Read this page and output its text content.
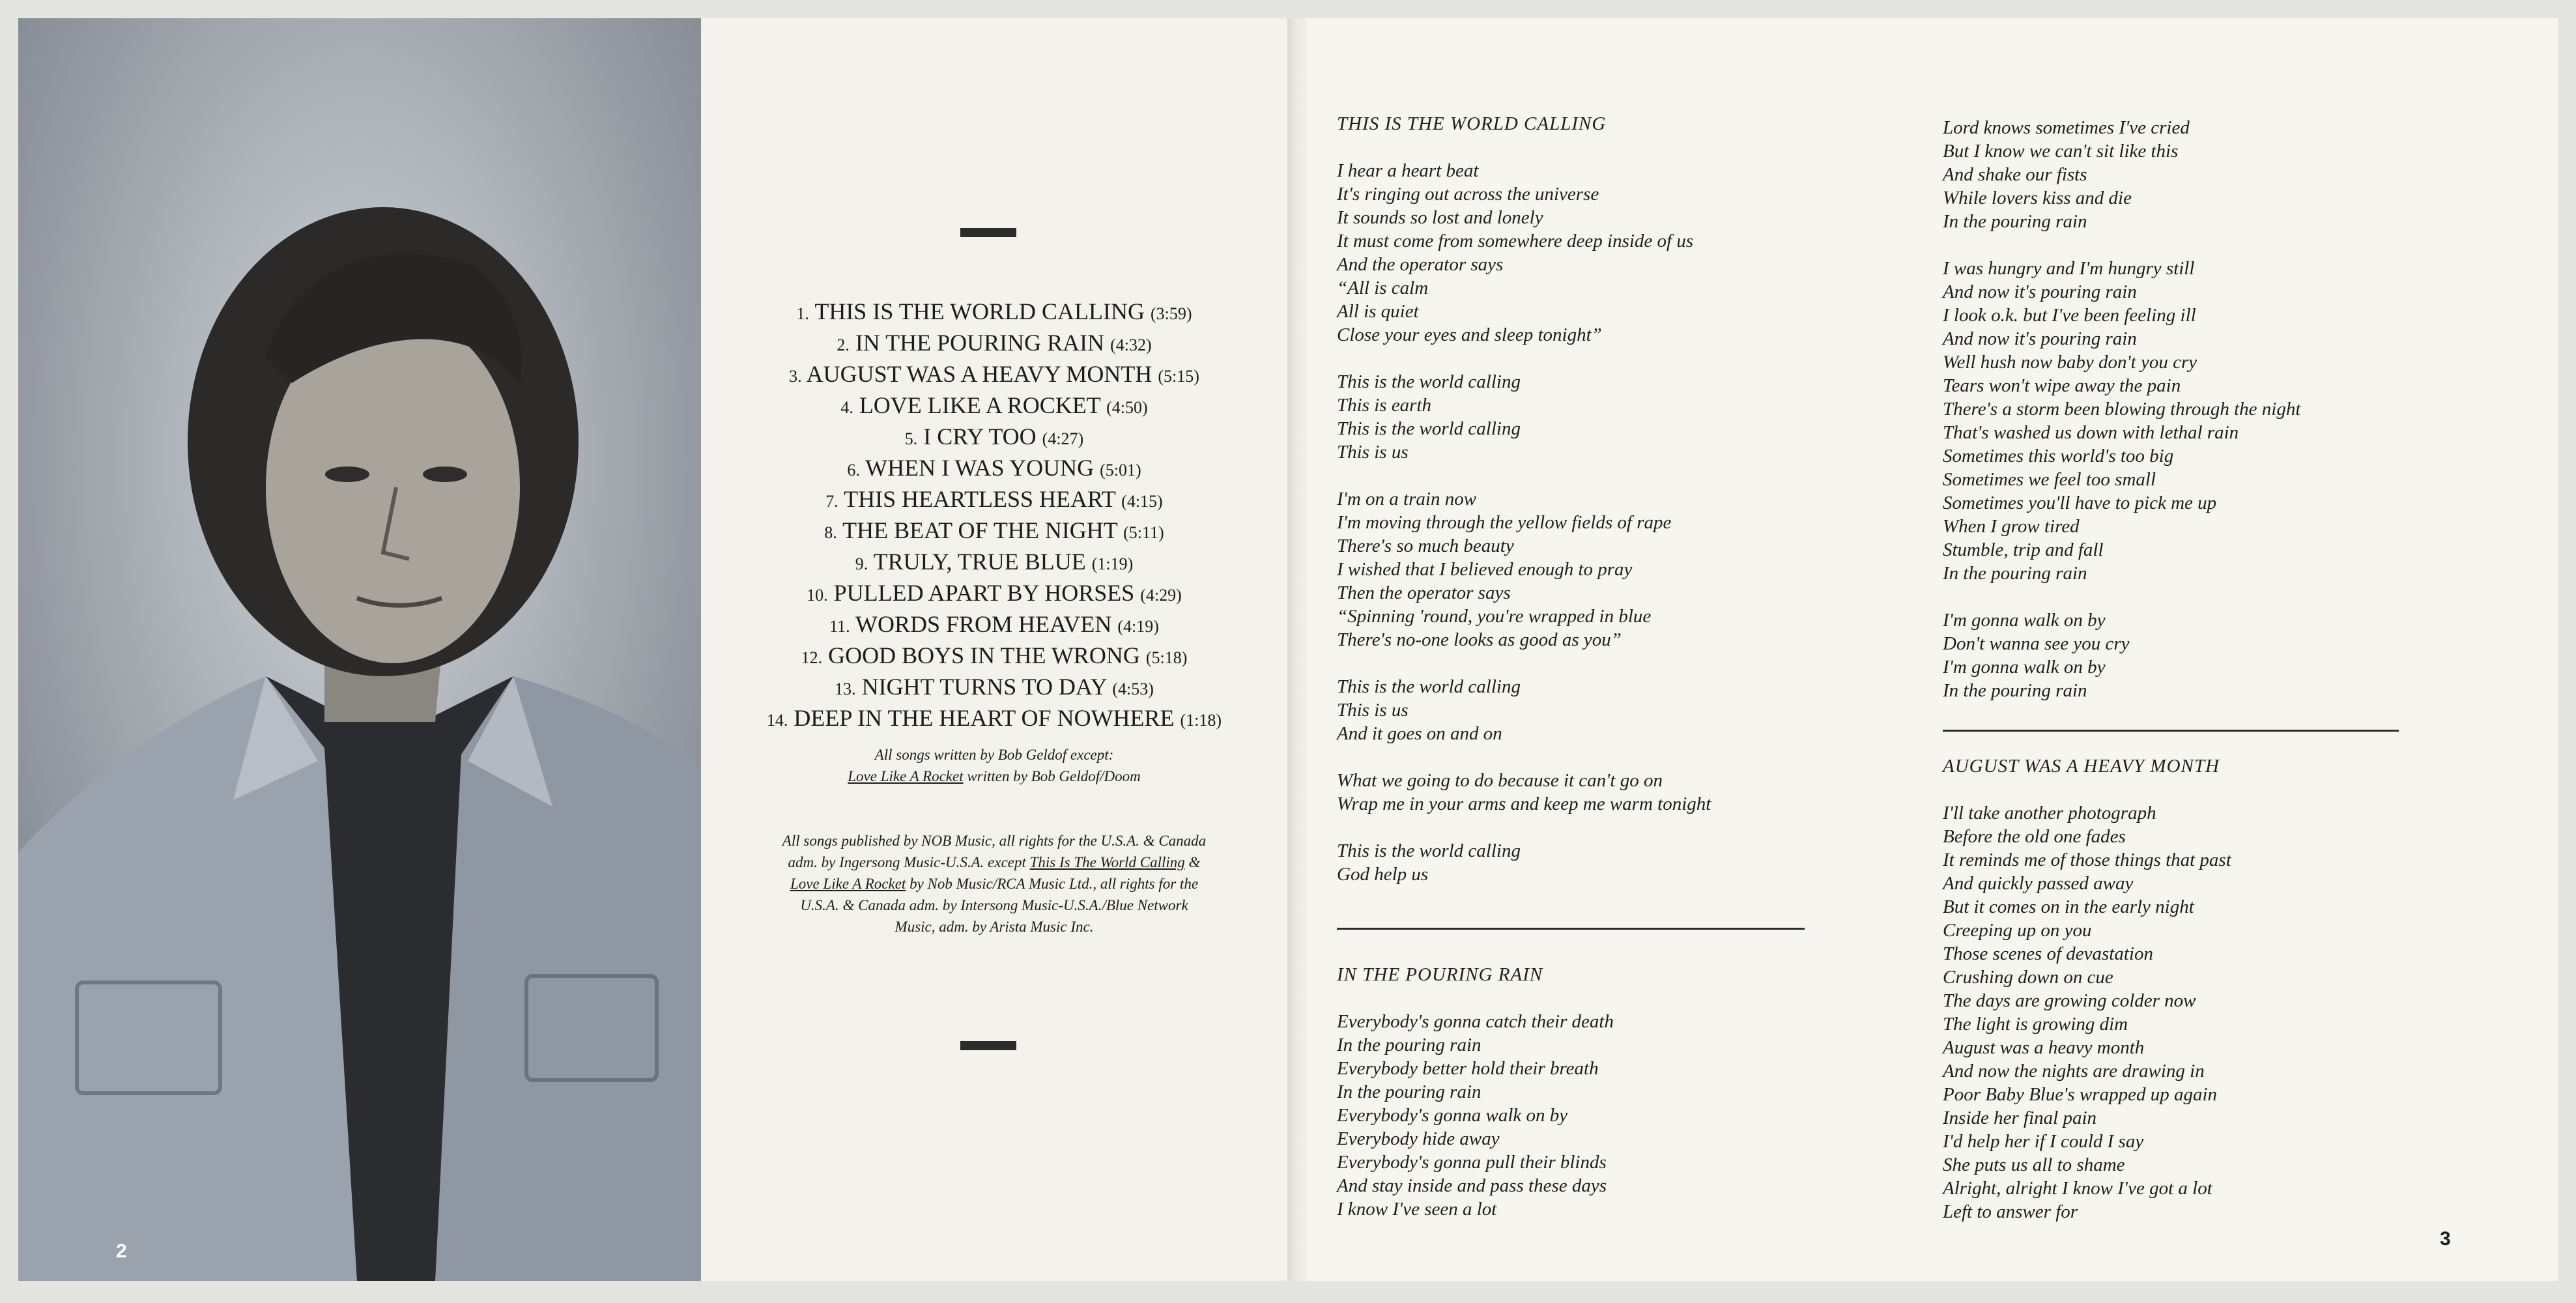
2
1. THIS IS THE WORLD CALLING (3:59)
2. IN THE POURING RAIN (4:32)
3. AUGUST WAS A HEAVY MONTH (5:15)
4. LOVE LIKE A ROCKET (4:50)
5. I CRY TOO (4:27)
6. WHEN I WAS YOUNG (5:01)
7. THIS HEARTLESS HEART (4:15)
8. THE BEAT OF THE NIGHT (5:11)
9. TRULY, TRUE BLUE (1:19)
10. PULLED APART BY HORSES (4:29)
11. WORDS FROM HEAVEN (4:19)
12. GOOD BOYS IN THE WRONG (5:18)
13. NIGHT TURNS TO DAY (4:53)
14. DEEP IN THE HEART OF NOWHERE (1:18)
All songs written by Bob Geldof except:
Love Like A Rocket written by Bob Geldof/Doom
All songs published by NOB Music, all rights for the U.S.A. & Canada adm. by Ingersong Music-U.S.A. except This Is The World Calling & Love Like A Rocket by Nob Music/RCA Music Ltd., all rights for the U.S.A. & Canada adm. by Intersong Music-U.S.A./Blue Network Music, adm. by Arista Music Inc.
THIS IS THE WORLD CALLING
I hear a heart beat
It's ringing out across the universe
It sounds so lost and lonely
It must come from somewhere deep inside of us
And the operator says
“All is calm
All is quiet
Close your eyes and sleep tonight”
This is the world calling
This is earth
This is the world calling
This is us
I'm on a train now
I'm moving through the yellow fields of rape
There's so much beauty
I wished that I believed enough to pray
Then the operator says
“Spinning 'round, you're wrapped in blue
There's no-one looks as good as you”
This is the world calling
This is us
And it goes on and on
What we going to do because it can't go on
Wrap me in your arms and keep me warm tonight
This is the world calling
God help us
IN THE POURING RAIN
Everybody's gonna catch their death
In the pouring rain
Everybody better hold their breath
In the pouring rain
Everybody's gonna walk on by
Everybody hide away
Everybody's gonna pull their blinds
And stay inside and pass these days
I know I've seen a lot
Lord knows sometimes I've cried
But I know we can't sit like this
And shake our fists
While lovers kiss and die
In the pouring rain
I was hungry and I'm hungry still
And now it's pouring rain
I look o.k. but I've been feeling ill
And now it's pouring rain
Well hush now baby don't you cry
Tears won't wipe away the pain
There's a storm been blowing through the night
That's washed us down with lethal rain
Sometimes this world's too big
Sometimes we feel too small
Sometimes you'll have to pick me up
When I grow tired
Stumble, trip and fall
In the pouring rain
I'm gonna walk on by
Don't wanna see you cry
I'm gonna walk on by
In the pouring rain
AUGUST WAS A HEAVY MONTH
I'll take another photograph
Before the old one fades
It reminds me of those things that past
And quickly passed away
But it comes on in the early night
Creeping up on you
Those scenes of devastation
Crushing down on cue
The days are growing colder now
The light is growing dim
August was a heavy month
And now the nights are drawing in
Poor Baby Blue's wrapped up again
Inside her final pain
I'd help her if I could I say
She puts us all to shame
Alright, alright I know I've got a lot
Left to answer for
3
